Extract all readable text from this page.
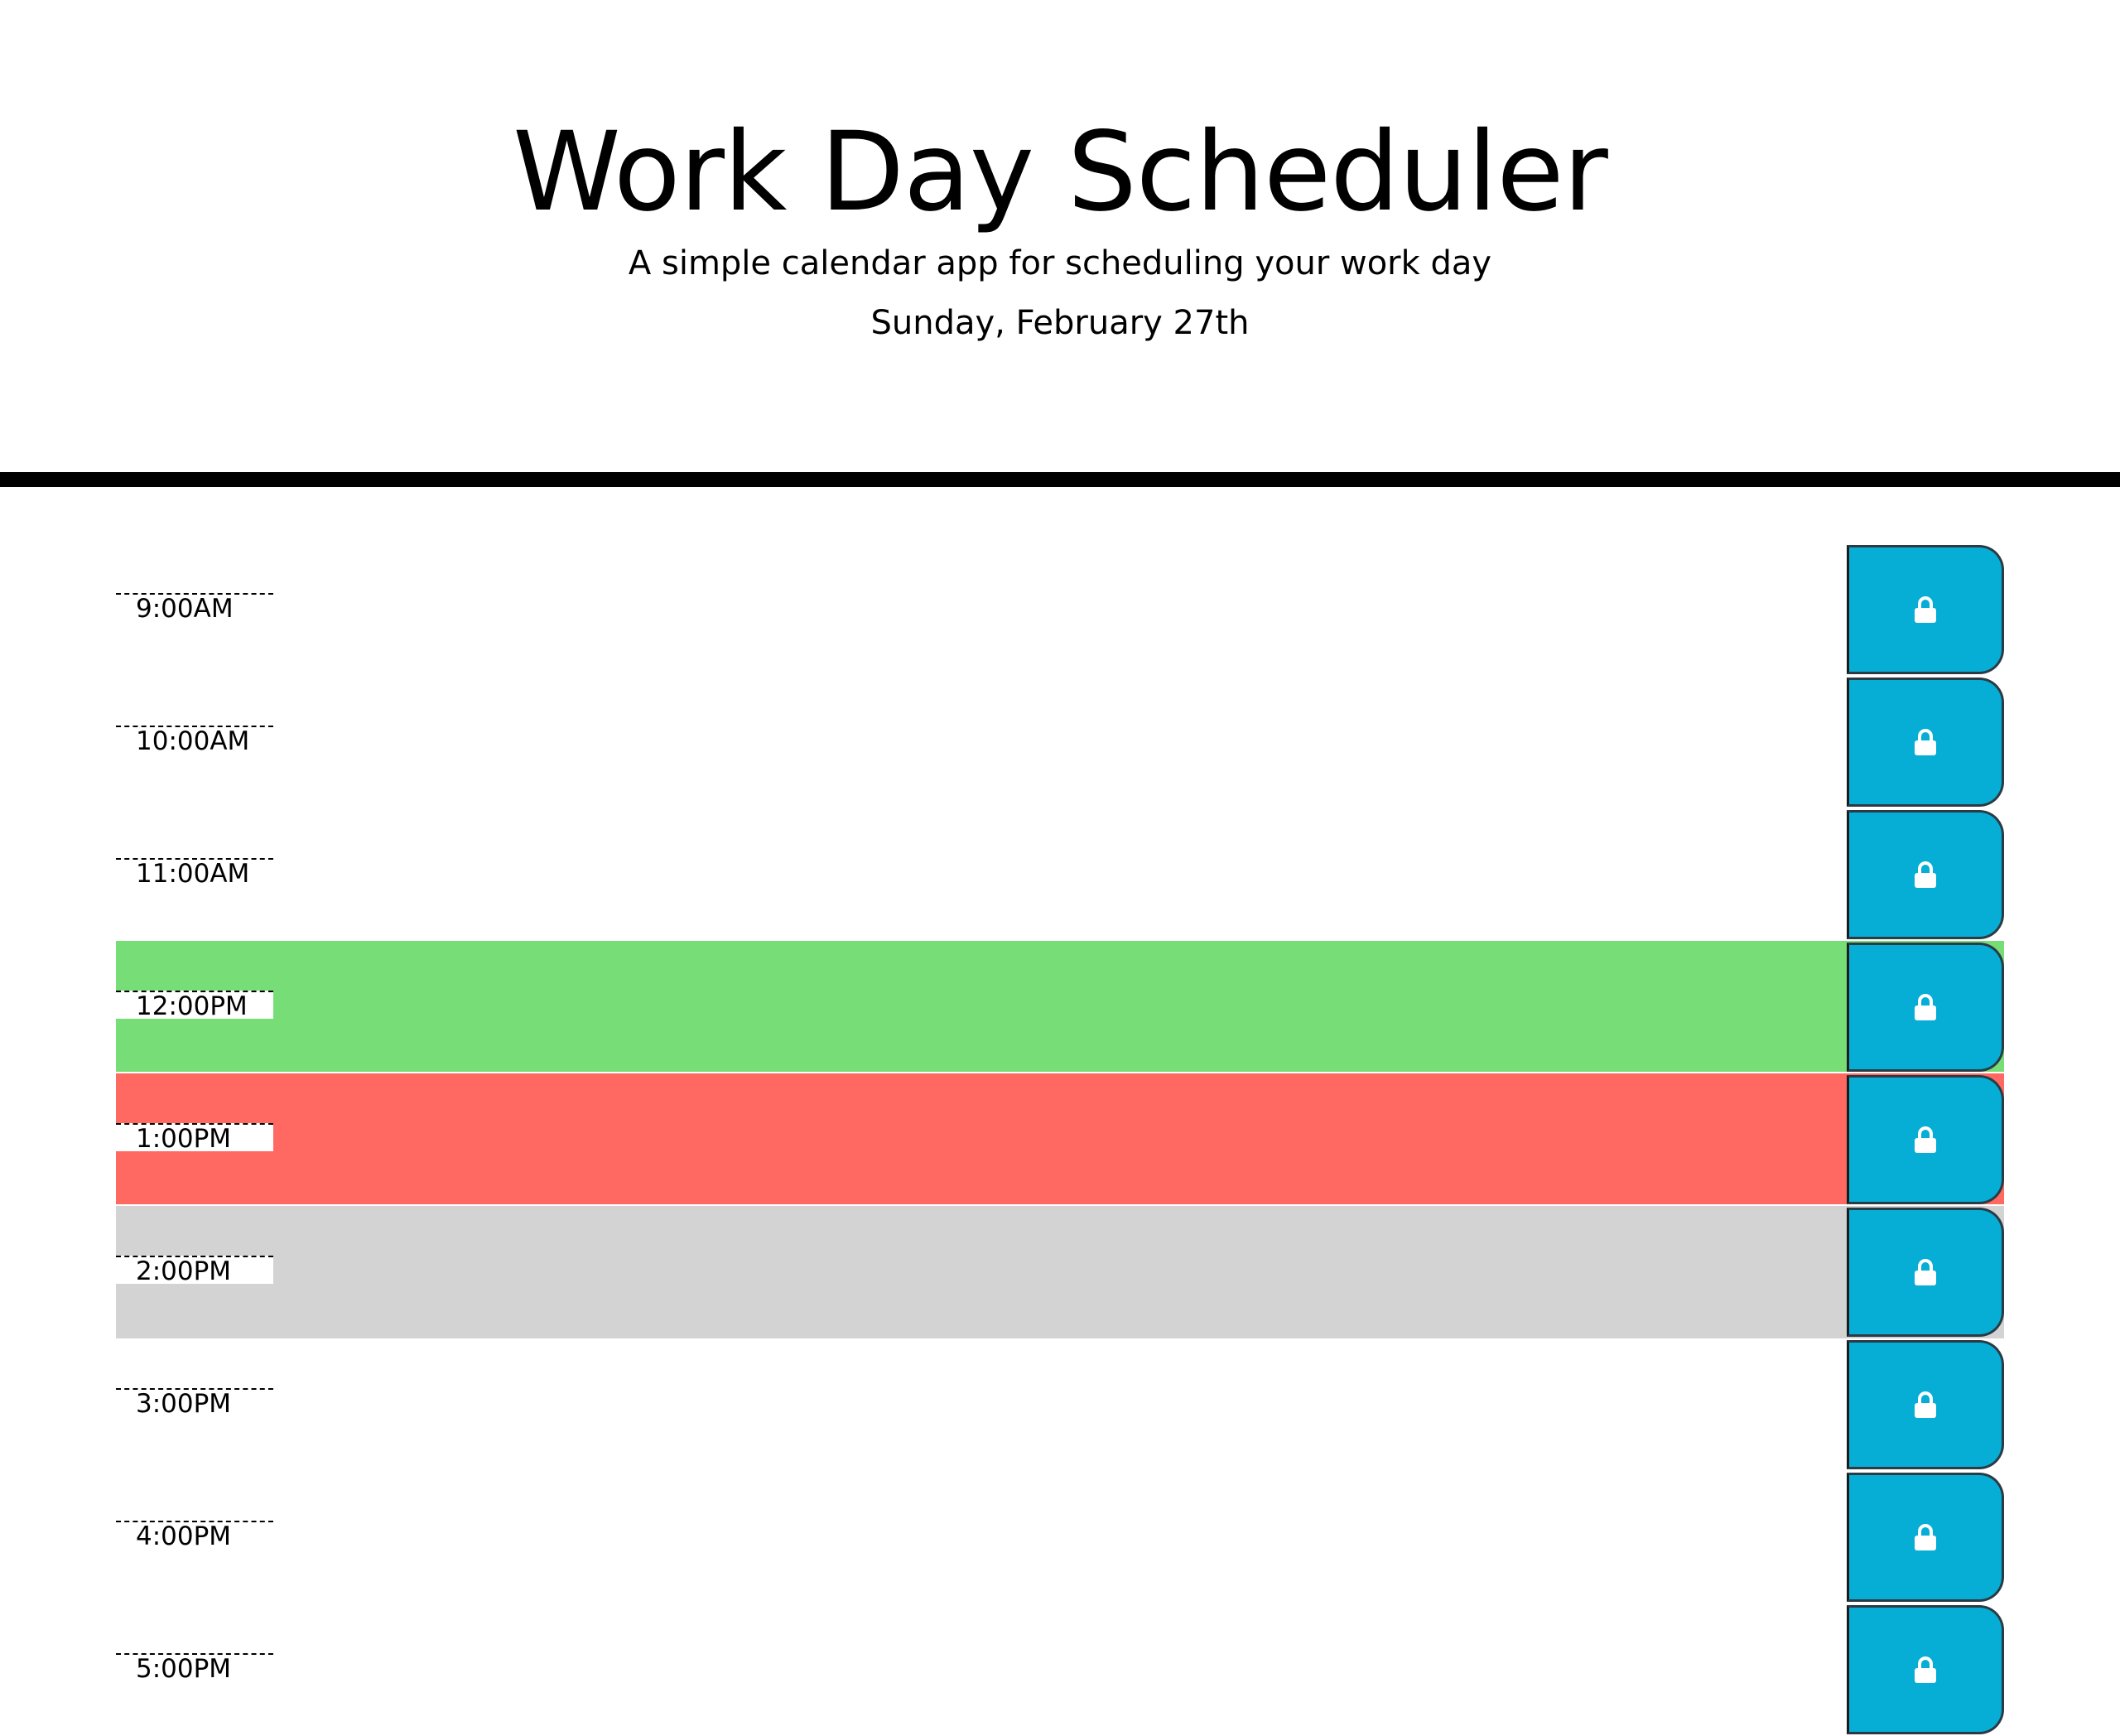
Work Day Scheduler

A simple calendar app for scheduling your work day

Sunday, February 27th

9:00AM
10:00AM
11:00AM
12:00PM
1:00PM
2:00PM
3:00PM
4:00PM
5:00PM
